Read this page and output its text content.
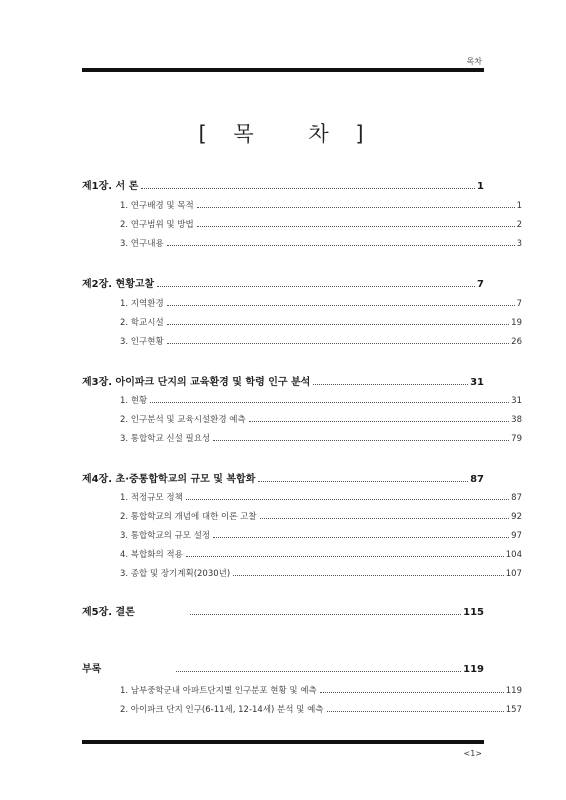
목차
[ 목 차 ]
제1장. 서 론	1
1. 연구배경 및 목적	1
2. 연구범위 및 방법	2
3. 연구내용	3
제2장. 현황고찰	7
1. 지역환경	7
2. 학교시설	19
3. 인구현황	26
제3장. 아이파크 단지의 교육환경 및 학령 인구 분석	31
1. 현황	31
2. 인구분석 및 교육시설환경 예측	38
3. 통합학교 신설 필요성	79
제4장. 초·중통합학교의 규모 및 복합화	87
1. 적정규모 정책	87
2. 통합학교의 개념에 대한 이론 고찰	92
3. 통합학교의 규모 설정	97
4. 복합화의 적용	104
3. 종합 및 장기계획(2030년)	107
제5장. 결론	115
부록	119
1. 남부중학군내 아파트단지별 인구분포 현황 및 예측	119
2. 아이파크 단지 인구(6-11세, 12-14세) 분석 및 예측	157
<1>
